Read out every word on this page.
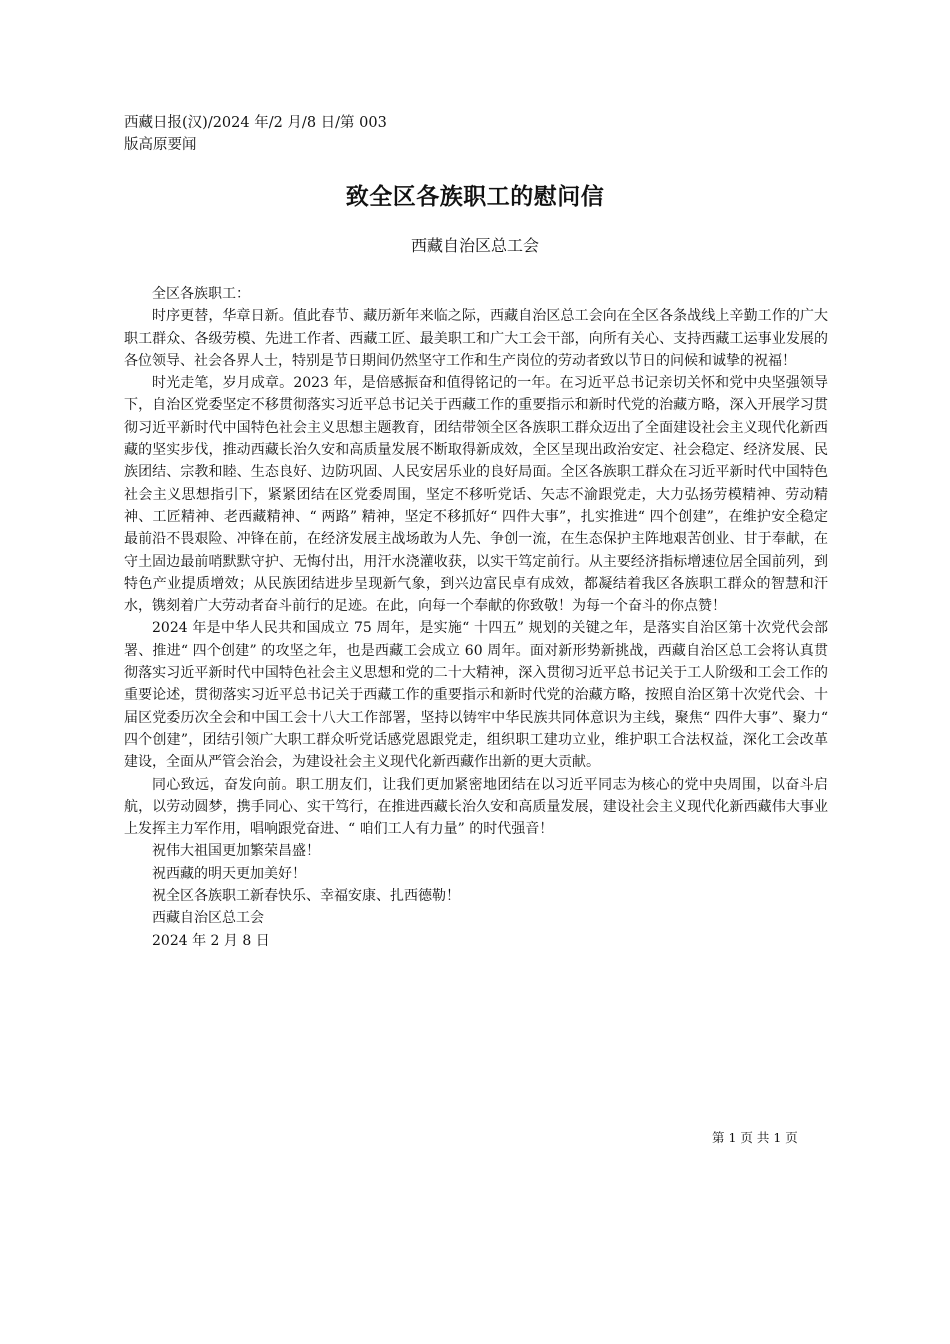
西藏日报(汉)/2024 年/2 月/8 日/第 003
版高原要闻
致全区各族职工的慰问信
西藏自治区总工会

全区各族职工：

时序更替，华章日新。值此春节、藏历新年来临之际，西藏自治区总工会向在全区各条战线上辛勤工作的广大职工群众、各级劳模、先进工作者、西藏工匠、最美职工和广大工会干部，向所有关心、支持西藏工运事业发展的各位领导、社会各界人士，特别是节日期间仍然坚守工作和生产岗位的劳动者致以节日的问候和诚挚的祝福！

时光走笔，岁月成章。2023 年，是倍感振奋和值得铭记的一年。在习近平总书记亲切关怀和党中央坚强领导下，自治区党委坚定不移贯彻落实习近平总书记关于西藏工作的重要指示和新时代党的治藏方略，深入开展学习贯彻习近平新时代中国特色社会主义思想主题教育，团结带领全区各族职工群众迈出了全面建设社会主义现代化新西藏的坚实步伐，推动西藏长治久安和高质量发展不断取得新成效，全区呈现出政治安定、社会稳定、经济发展、民族团结、宗教和睦、生态良好、边防巩固、人民安居乐业的良好局面。全区各族职工群众在习近平新时代中国特色社会主义思想指引下，紧紧团结在区党委周围，坚定不移听党话、矢志不渝跟党走，大力弘扬劳模精神、劳动精神、工匠精神、老西藏精神、“ 两路” 精神，坚定不移抓好“ 四件大事”，扎实推进“ 四个创建”，在维护安全稳定最前沿不畏艰险、冲锋在前，在经济发展主战场敢为人先、争创一流，在生态保护主阵地艰苦创业、甘于奉献，在守土固边最前哨默默守护、无悔付出，用汗水浇灌收获，以实干笃定前行。从主要经济指标增速位居全国前列，到特色产业提质增效；从民族团结进步呈现新气象，到兴边富民卓有成效，都凝结着我区各族职工群众的智慧和汗水，镌刻着广大劳动者奋斗前行的足迹。在此，向每一个奉献的你致敬！为每一个奋斗的你点赞！

2024 年是中华人民共和国成立 75 周年，是实施“ 十四五” 规划的关键之年，是落实自治区第十次党代会部署、推进“ 四个创建” 的攻坚之年，也是西藏工会成立 60 周年。面对新形势新挑战，西藏自治区总工会将认真贯彻落实习近平新时代中国特色社会主义思想和党的二十大精神，深入贯彻习近平总书记关于工人阶级和工会工作的重要论述，贯彻落实习近平总书记关于西藏工作的重要指示和新时代党的治藏方略，按照自治区第十次党代会、十届区党委历次全会和中国工会十八大工作部署，坚持以铸牢中华民族共同体意识为主线，聚焦“ 四件大事”、聚力“ 四个创建”，团结引领广大职工群众听党话感党恩跟党走，组织职工建功立业，维护职工合法权益，深化工会改革建设，全面从严管会治会，为建设社会主义现代化新西藏作出新的更大贡献。

同心致远，奋发向前。职工朋友们，让我们更加紧密地团结在以习近平同志为核心的党中央周围，以奋斗启航，以劳动圆梦，携手同心、实干笃行，在推进西藏长治久安和高质量发展，建设社会主义现代化新西藏伟大事业上发挥主力军作用，唱响跟党奋进、“ 咱们工人有力量” 的时代强音！

祝伟大祖国更加繁荣昌盛！

祝西藏的明天更加美好！

祝全区各族职工新春快乐、幸福安康、扎西德勒！

西藏自治区总工会

2024 年 2 月 8 日

第 1 页 共 1 页
